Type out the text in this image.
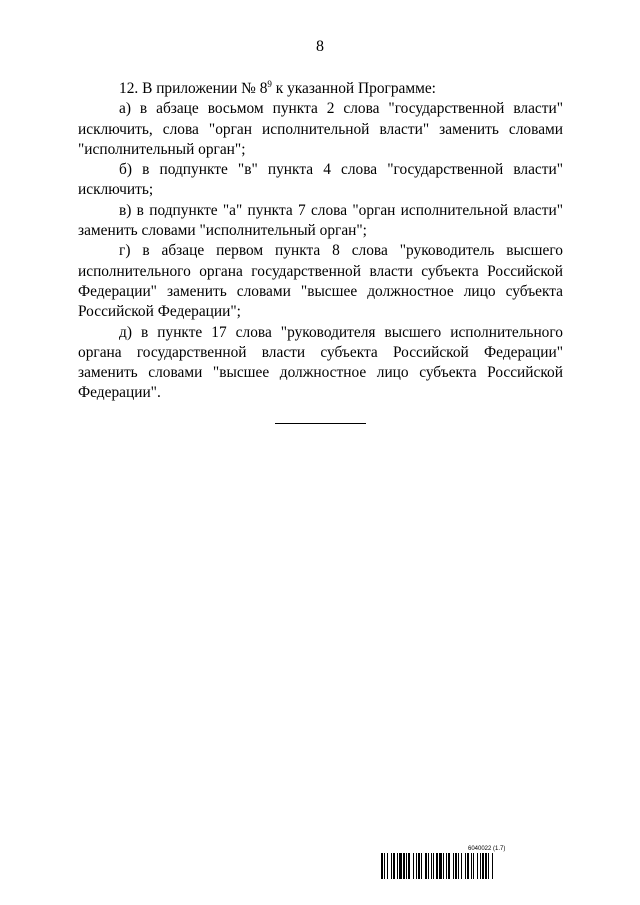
8

12. В приложении № $8^9$ к указанной Программе:

а) в абзаце восьмом пункта 2 слова "государственной власти" исключить, слова "орган исполнительной власти" заменить словами "исполнительный орган";

б) в подпункте "в" пункта 4 слова "государственной власти" исключить;

в) в подпункте "а" пункта 7 слова "орган исполнительной власти" заменить словами "исполнительный орган";

г) в абзаце первом пункта 8 слова "руководитель высшего исполнительного органа государственной власти субъекта Российской Федерации" заменить словами "высшее должностное лицо субъекта Российской Федерации";

д) в пункте 17 слова "руководителя высшего исполнительного органа государственной власти субъекта Российской Федерации" заменить словами "высшее должностное лицо субъекта Российской Федерации".

6040022 (1.7)
